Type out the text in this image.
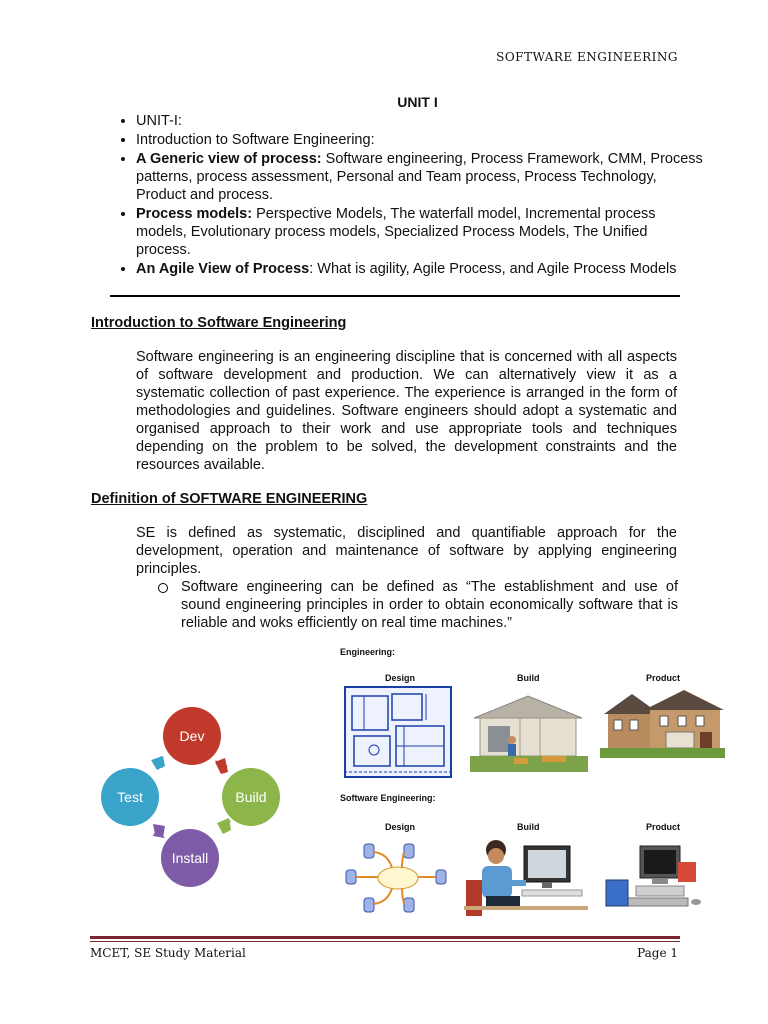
SOFTWARE ENGINEERING
UNIT I
• UNIT-I:
• Introduction to Software Engineering:
• A Generic view of process: Software engineering, Process Framework, CMM, Process patterns, process assessment, Personal and Team process, Process Technology, Product and process.
• Process models: Perspective Models, The waterfall model, Incremental process models, Evolutionary process models, Specialized Process Models, The Unified process.
• An Agile View of Process: What is agility, Agile Process, and Agile Process Models
Introduction to Software Engineering
Software engineering is an engineering discipline that is concerned with all aspects of software development and production. We can alternatively view it as a systematic collection of past experience. The experience is arranged in the form of methodologies and guidelines. Software engineers should adopt a systematic and organised approach to their work and use appropriate tools and techniques depending on the problem to be solved, the development constraints and the resources available.
Definition of SOFTWARE ENGINEERING
SE is defined as systematic, disciplined and quantifiable approach for the development, operation and maintenance of software by applying engineering principles.
Software engineering can be defined as “The establishment and use of sound engineering principles in order to obtain economically software that is reliable and woks efficiently on real time machines.”
Dev
Build
Install
Test
Engineering:
Design	Build	Product
Software Engineering:
Design	Build	Product
MCET, SE Study Material	Page 1
